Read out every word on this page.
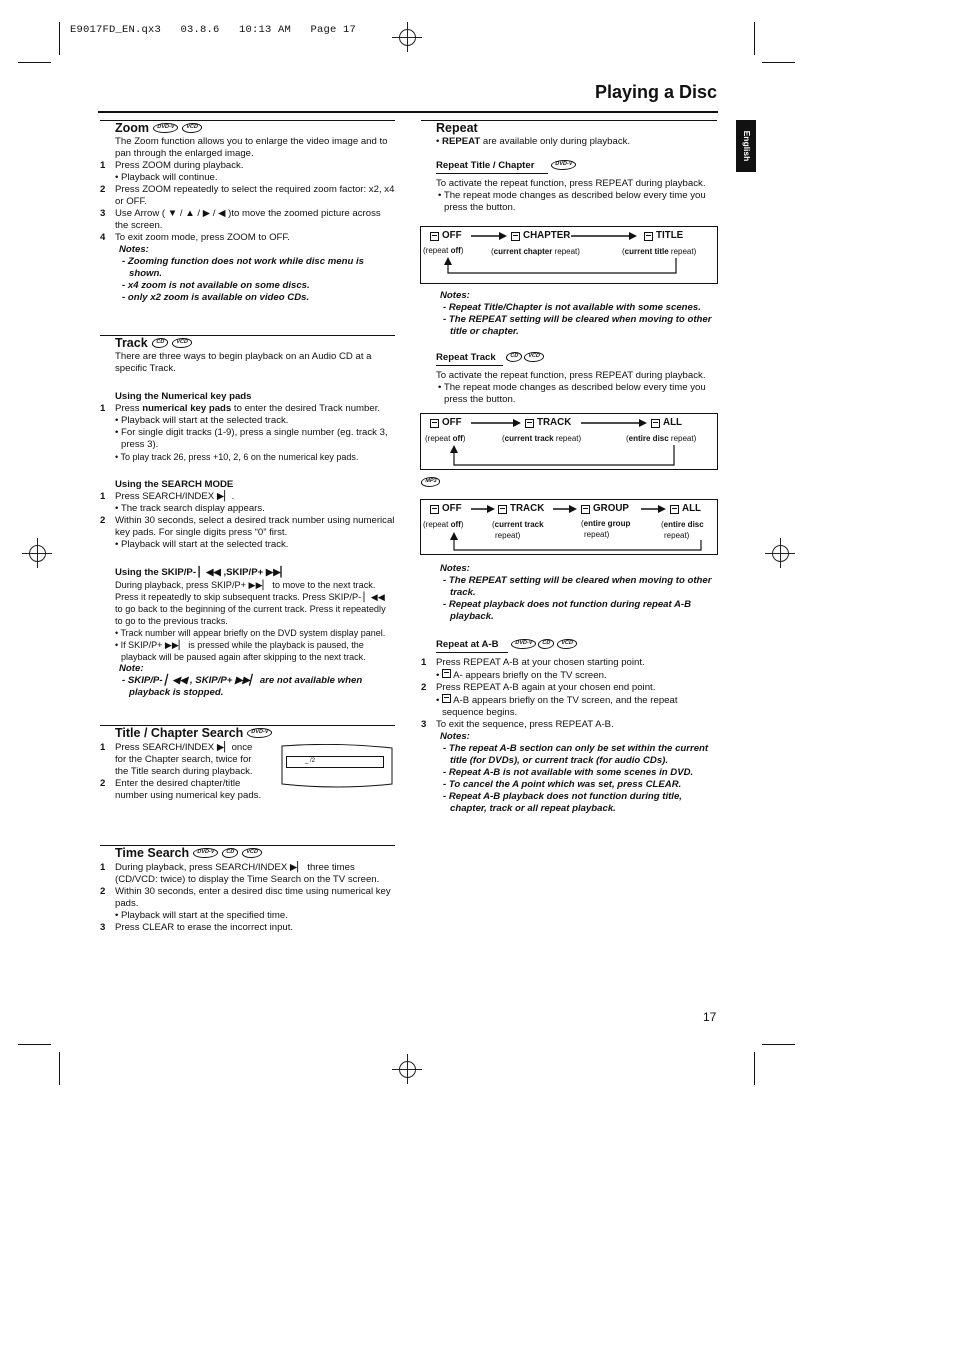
E9017FD_EN.qx3   03.8.6   10:13 AM   Page 17
Playing a Disc
English
Zoom	DVD-V	VCD

The Zoom function allows you to enlarge the video image and to pan through the enlarged image.

1 Press ZOOM during playback.

• Playback will continue.

2 Press ZOOM repeatedly to select the required zoom factor: x2, x4 or OFF.
3 Use Arrow ( ▼ / ▲ / ▶ / ◀ )to move the zoomed picture across the screen.
4 To exit zoom mode, press ZOOM to OFF.

Notes:

- Zooming function does not work while disc menu is shown.

- x4 zoom is not available on some discs.

- only x2 zoom is available on video CDs.

Track	CD	VCD

There are three ways to begin playback on an Audio CD at a specific Track.

Using the Numerical key pads

1 Press numerical key pads to enter the desired Track number.

• Playback will start at the selected track.

• For single digit tracks (1-9), press a single number (eg. track 3, press 3).

• To play track 26, press +10, 2, 6 on the numerical key pads.

Using the SEARCH MODE

1 Press SEARCH/INDEX ▶▏.

• The track search display appears.

2 Within 30 seconds, select a desired track number using numerical key pads. For single digits press “0” first.

• Playback will start at the selected track.

Using the SKIP/P- ▏◀◀ ,SKIP/P+ ▶▶▏

During playback, press SKIP/P+ ▶▶▏ to move to the next track. Press it repeatedly to skip subsequent tracks. Press SKIP/P- ▏◀◀ to go back to the beginning of the current track. Press it repeatedly to go to the previous tracks.

• Track number will appear briefly on the DVD system display panel.

• If SKIP/P+ ▶▶▏ is pressed while the playback is paused, the playback will be paused again after skipping to the next track.

Note:

- SKIP/P- ▏◀◀ , SKIP/P+ ▶▶▏ are not available when playback is stopped.

Title / Chapter Search	DVD-V
1 Press SEARCH/INDEX ▶▏once for the Chapter search, twice for the Title search during playback.
2 Enter the desired chapter/title number using numerical key pads.
_ /2
Time Search	DVD-V	CD	VCD
1 During playback, press SEARCH/INDEX ▶▏ three times (CD/VCD: twice) to display the Time Search on the TV screen.
2 Within 30 seconds, enter a desired disc time using numerical key pads.

• Playback will start at the specified time.

3 Press CLEAR to erase the incorrect input.
Repeat

• REPEAT are available only during playback.

Repeat Title / Chapter	DVD-V

To activate the repeat function, press REPEAT during playback.

• The repeat mode changes as described below every time you press the button.

OFF	CHAPTER	TITLE
(repeat off)	(current chapter repeat)	(current title repeat)

Notes:

- Repeat Title/Chapter is not available with some scenes.

- The REPEAT setting will be cleared when moving to other title or chapter.

Repeat Track CD VCD

To activate the repeat function, press REPEAT during playback.

• The repeat mode changes as described below every time you press the button.

OFF	TRACK	ALL
(repeat off)	(current track repeat)	(entire disc repeat)
MP3
OFF	TRACK	GROUP	ALL
(repeat off)	(current track
repeat)
(entire group
repeat)
(entire disc
repeat)

Notes:

- The REPEAT setting will be cleared when moving to other track.

- Repeat playback does not function during repeat A-B playback.

Repeat at A-B	DVD-V CD VCD

1 Press REPEAT A-B at your chosen starting point.

•  A- appears briefly on the TV screen.

2 Press REPEAT A-B again at your chosen end point.

•  A-B appears briefly on the TV screen, and the repeat sequence begins.

3 To exit the sequence, press REPEAT A-B.

Notes:

- The repeat A-B section can only be set within the current title (for DVDs), or current track (for audio CDs).

- Repeat A-B is not available with some scenes in DVD.

- To cancel the A point which was set, press CLEAR.

- Repeat A-B playback does not function during title, chapter, track or all repeat playback.

17
